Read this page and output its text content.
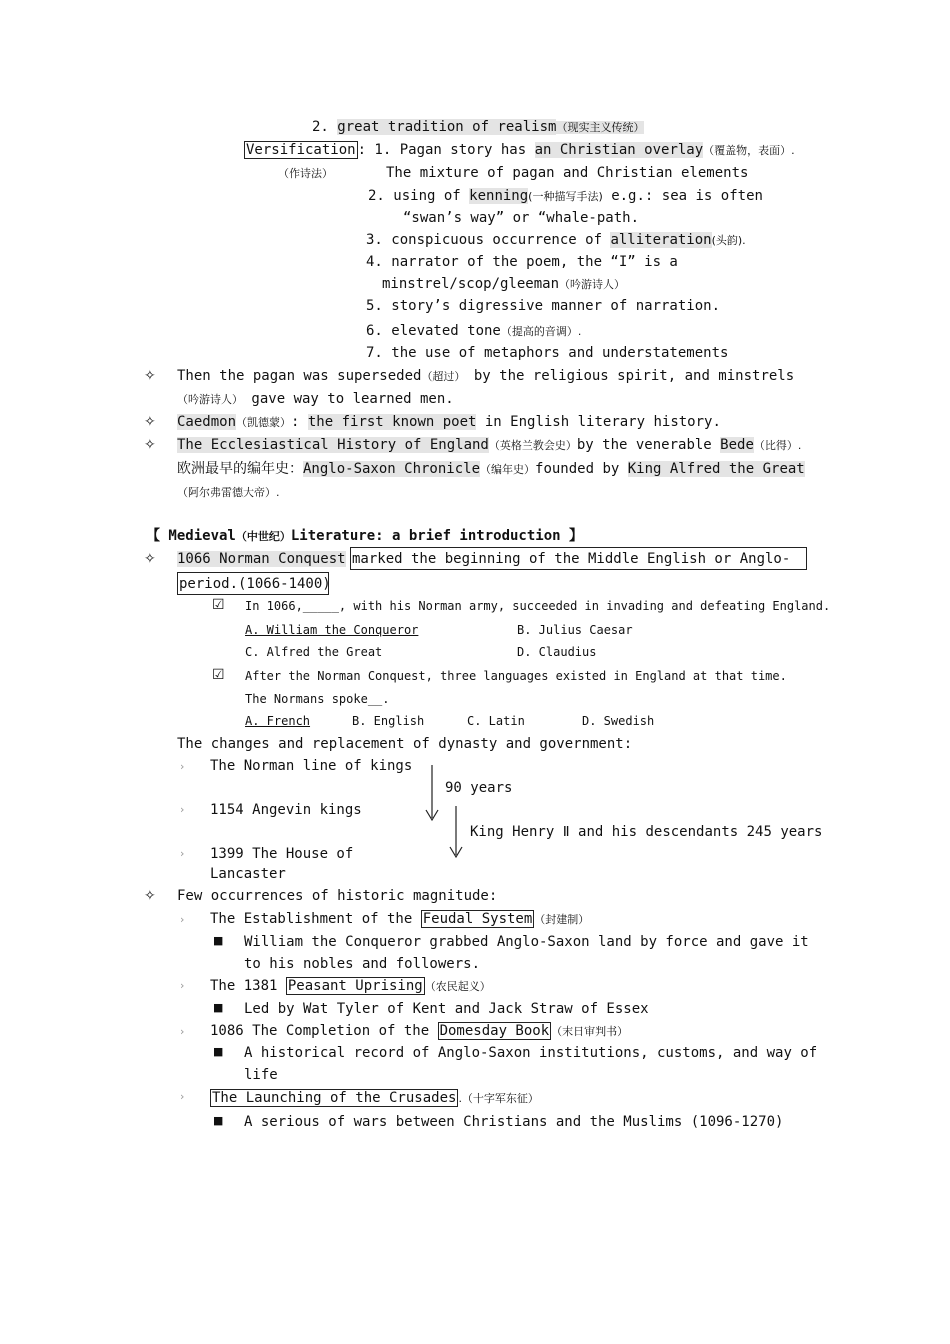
2. great tradition of realism（现实主义传统）
Versification : 1. Pagan story has an Christian overlay（覆盖物，表面）.
（作诗法）	The mixture of pagan and Christian elements
2. using of kenning(一种描写手法) e.g.: sea is often
“swan’s way” or “whale-path.
3. conspicuous occurrence of alliteration(头韵).
4. narrator of the poem, the “I” is a
minstrel/scop/gleeman（吟游诗人）
5. story’s digressive manner of narration.
6. elevated tone（提高的音调）.
7. the use of metaphors and understatements
✧ Then the pagan was superseded（超过） by the religious spirit, and minstrels
（吟游诗人） gave way to learned men.
✧ Caedmon（凯德蒙）: the first known poet in English literary history.
✧ The Ecclesiastical History of England（英格兰教会史）by the venerable Bede（比得）.
欧洲最早的编年史：Anglo-Saxon Chronicle（编年史）founded by King Alfred the Great
（阿尔弗雷德大帝）.
【 Medieval（中世纪）Literature: a brief introduction 】
✧ 1066 Norman Conquest marked the beginning of the Middle English or Anglo-
period.(1066-1400)
☑ In 1066,_____, with his Norman army, succeeded in invading and defeating England.
A. William the Conqueror	B. Julius Caesar
C. Alfred the Great	D. Claudius
☑ After the Norman Conquest, three languages existed in England at that time.
The Normans spoke__.
A. French	B. English	C. Latin	D. Swedish
The changes and replacement of dynasty and government:
› The Norman line of kings
90 years
› 1154 Angevin kings
King Henry Ⅱ and his descendants 245 years
› 1399 The House of
Lancaster
✧ Few occurrences of historic magnitude:
› The Establishment of the Feudal System （封建制）
■ William the Conqueror grabbed Anglo-Saxon land by force and gave it
to his nobles and followers.
› The 1381 Peasant Uprising （农民起义）
■ Led by Wat Tyler of Kent and Jack Straw of Essex
› 1086 The Completion of the Domesday Book （末日审判书）
■ A historical record of Anglo-Saxon institutions, customs, and way of
life
› The Launching of the Crusades .（十字军东征）
■ A serious of wars between Christians and the Muslims (1096-1270)
